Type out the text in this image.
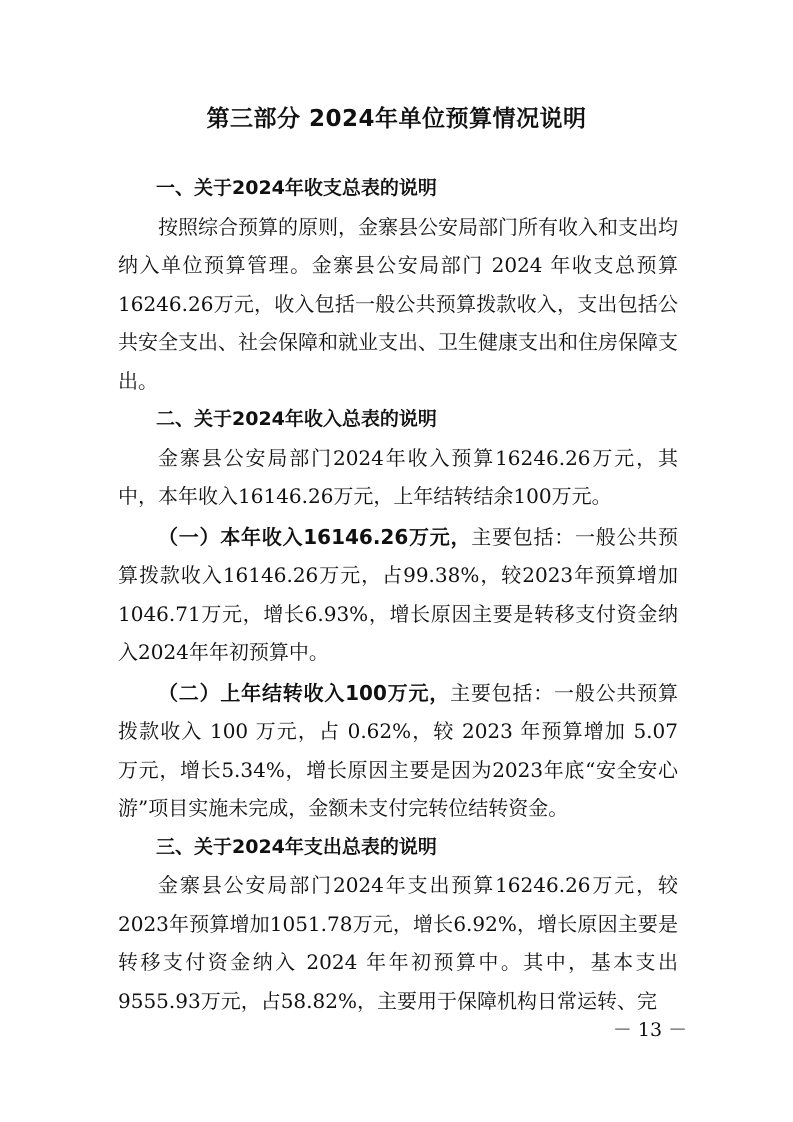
第三部分 2024年单位预算情况说明

一、关于2024年收支总表的说明

按照综合预算的原则，金寨县公安局部门所有收入和支出均纳入单位预算管理。金寨县公安局部门 2024 年收支总预算16246.26万元，收入包括一般公共预算拨款收入，支出包括公共安全支出、社会保障和就业支出、卫生健康支出和住房保障支出。

二、关于2024年收入总表的说明

金寨县公安局部门2024年收入预算16246.26万元，其中，本年收入16146.26万元，上年结转结余100万元。

（一）本年收入16146.26万元，主要包括：一般公共预算拨款收入16146.26万元，占99.38%，较2023年预算增加1046.71万元，增长6.93%，增长原因主要是转移支付资金纳入2024年年初预算中。

（二）上年结转收入100万元，主要包括：一般公共预算拨款收入 100 万元，占 0.62%，较 2023 年预算增加 5.07 万元，增长5.34%，增长原因主要是因为2023年底“安全安心游”项目实施未完成，金额未支付完转位结转资金。

三、关于2024年支出总表的说明

金寨县公安局部门2024年支出预算16246.26万元，较2023年预算增加1051.78万元，增长6.92%，增长原因主要是转移支付资金纳入 2024 年年初预算中。其中，基本支出9555.93万元，占58.82%，主要用于保障机构日常运转、完

－ 13 －
